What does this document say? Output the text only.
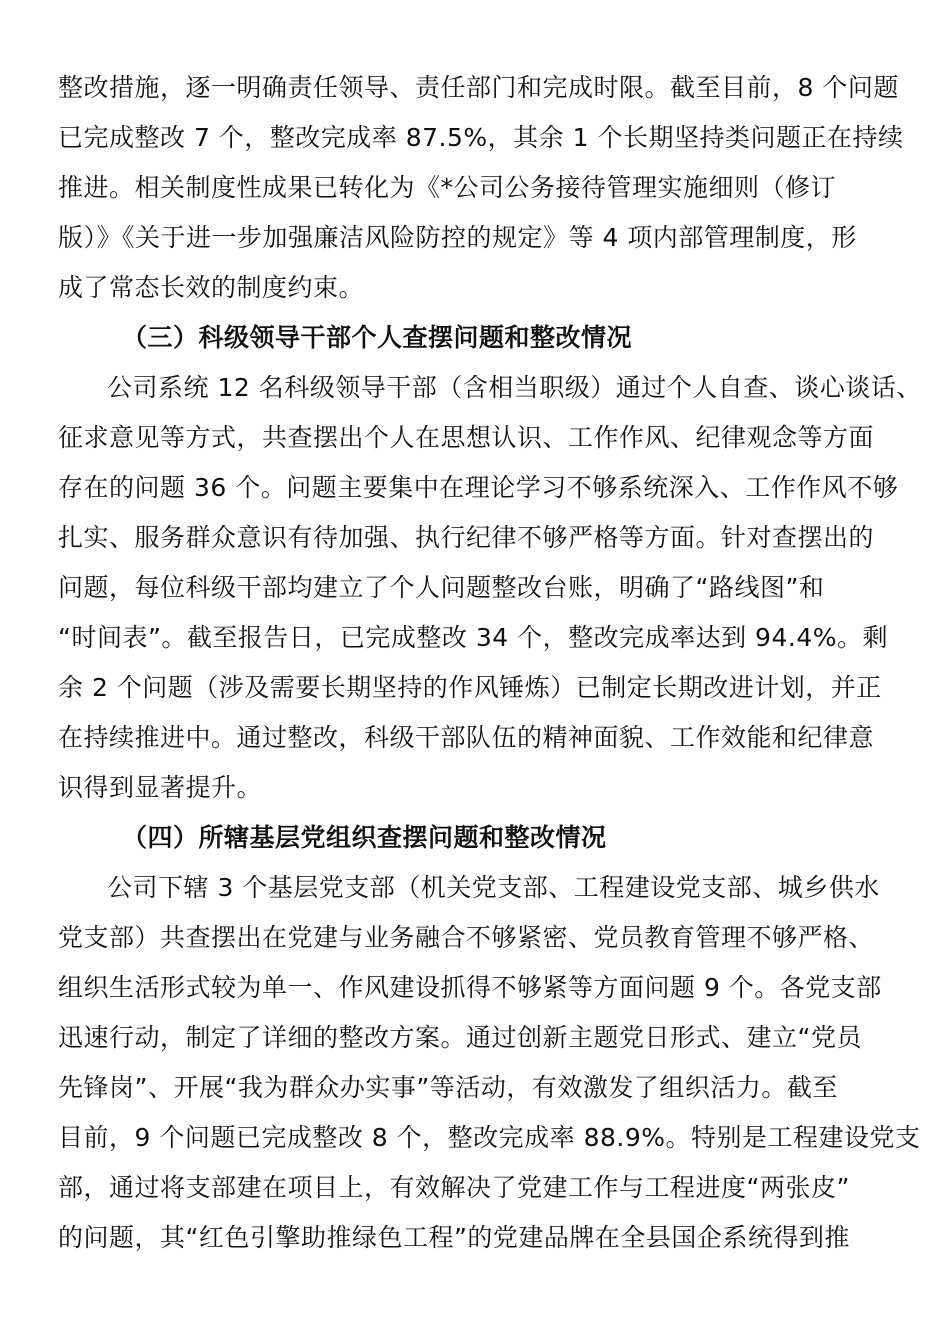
整改措施，逐一明确责任领导、责任部门和完成时限。截至目前，8 个问题
已完成整改 7 个，整改完成率 87.5%，其余 1 个长期坚持类问题正在持续
推进。相关制度性成果已转化为《*公司公务接待管理实施细则（修订
版）》《关于进一步加强廉洁风险防控的规定》等 4 项内部管理制度，形
成了常态长效的制度约束。
（三）科级领导干部个人查摆问题和整改情况
公司系统 12 名科级领导干部（含相当职级）通过个人自查、谈心谈话、
征求意见等方式，共查摆出个人在思想认识、工作作风、纪律观念等方面
存在的问题 36 个。问题主要集中在理论学习不够系统深入、工作作风不够
扎实、服务群众意识有待加强、执行纪律不够严格等方面。针对查摆出的
问题，每位科级干部均建立了个人问题整改台账，明确了“路线图”和
“时间表”。截至报告日，已完成整改 34 个，整改完成率达到 94.4%。剩
余 2 个问题（涉及需要长期坚持的作风锤炼）已制定长期改进计划，并正
在持续推进中。通过整改，科级干部队伍的精神面貌、工作效能和纪律意
识得到显著提升。
（四）所辖基层党组织查摆问题和整改情况
公司下辖 3 个基层党支部（机关党支部、工程建设党支部、城乡供水
党支部）共查摆出在党建与业务融合不够紧密、党员教育管理不够严格、
组织生活形式较为单一、作风建设抓得不够紧等方面问题 9 个。各党支部
迅速行动，制定了详细的整改方案。通过创新主题党日形式、建立“党员
先锋岗”、开展“我为群众办实事”等活动，有效激发了组织活力。截至
目前，9 个问题已完成整改 8 个，整改完成率 88.9%。特别是工程建设党支
部，通过将支部建在项目上，有效解决了党建工作与工程进度“两张皮”
的问题，其“红色引擎助推绿色工程”的党建品牌在全县国企系统得到推
